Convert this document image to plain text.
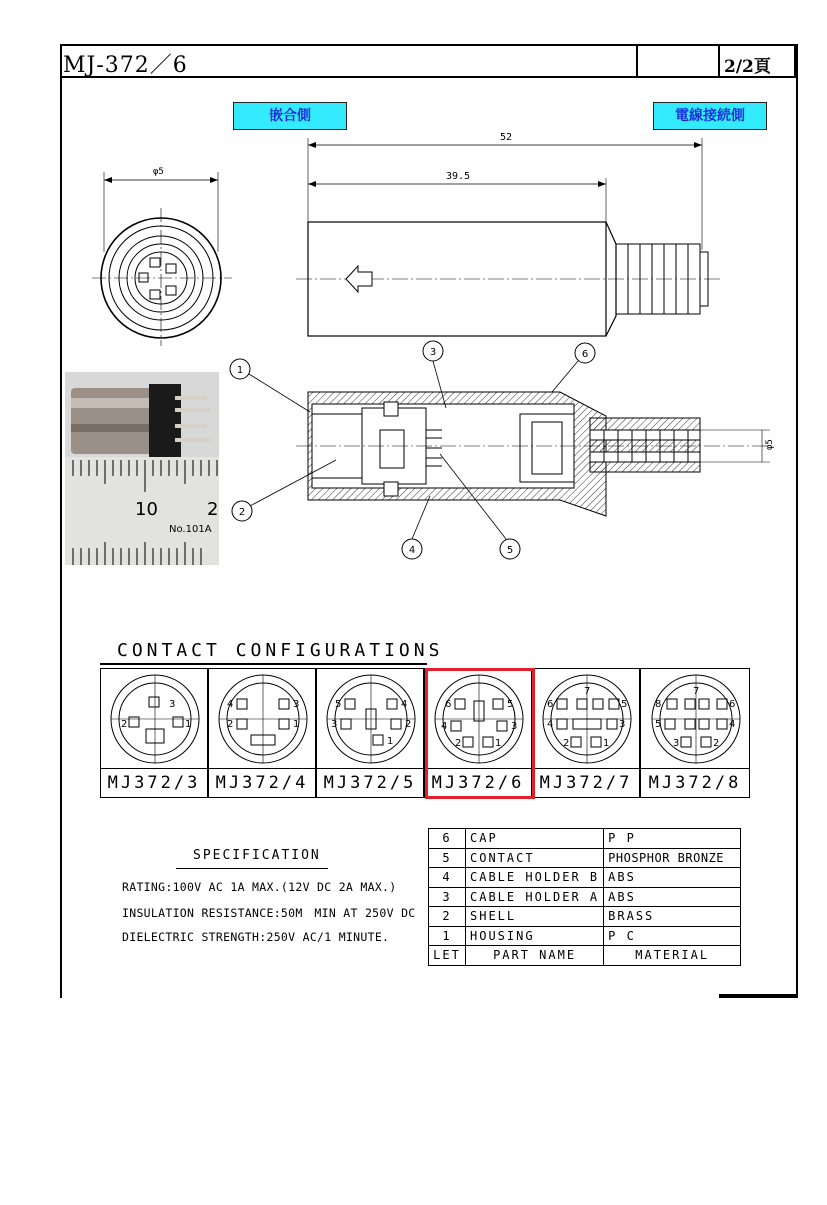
MJ-372／6	2/2頁
嵌合側	電線接続側
φ5
52
39.5
10	2
No.101A
φ5
1
2
3
4	5
6
CONTACT CONFIGURATIONS
3
2	1
MJ372/3
4	3
2	1
MJ372/4
5	4
3	2
1
MJ372/5
6	5
4	3
2	1
MJ372/6
6
7
5
4	3
2	1
MJ372/7
7
8	6
5	4
3	2
MJ372/8
SPECIFICATION
RATING:100V AC 1A MAX.(12V DC 2A MAX.)
INSULATION RESISTANCE:50M　MIN AT 250V DC
DIELECTRIC STRENGTH:250V AC/1 MINUTE.
6	CAP	P P
5	CONTACT	PHOSPHOR BRONZE
4	CABLE HOLDER B	ABS
3	CABLE HOLDER A	ABS
2	SHELL	BRASS
1	HOUSING	P C
LET	PART NAME	MATERIAL
